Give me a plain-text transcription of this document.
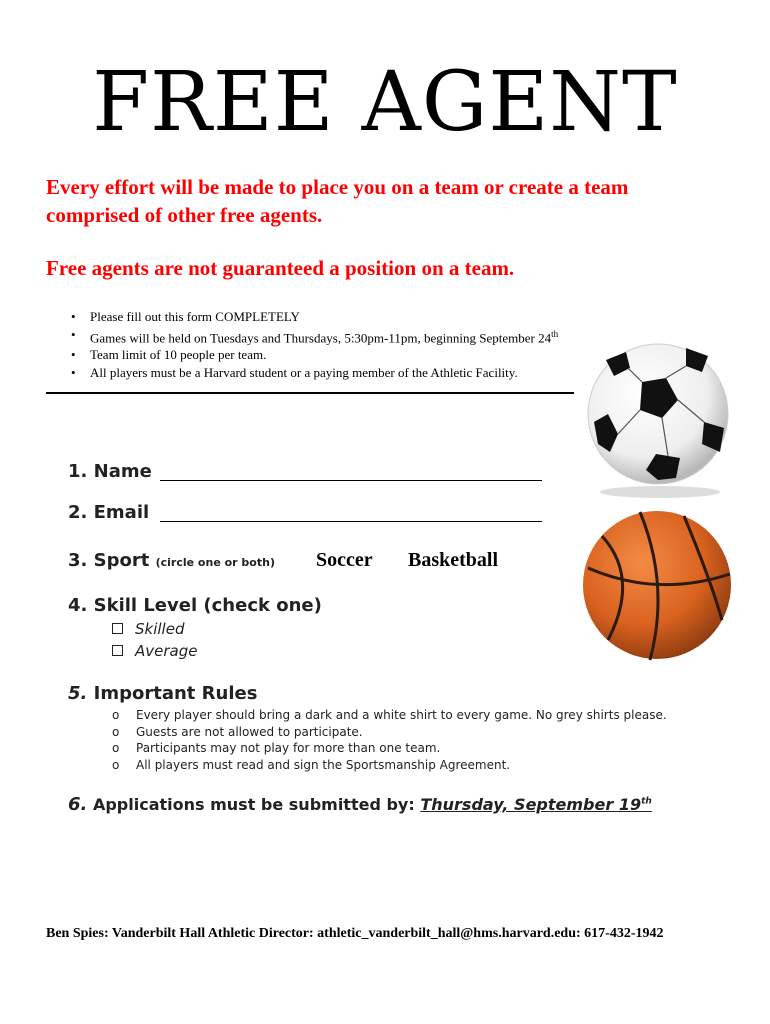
FREE AGENT
Every effort will be made to place you on a team or create a team
comprised of other free agents.
Free agents are not guaranteed a position on a team.
• Please fill out this form COMPLETELY
• Games will be held on Tuesdays and Thursdays, 5:30pm-11pm, beginning September 24th
• Team limit of 10 people per team.
• All players must be a Harvard student or a paying member of the Athletic Facility.
1. Name
2. Email
3. Sport (circle one or both) Soccer Basketball
4. Skill Level (check one)
Skilled
Average
5. Important Rules
o Every player should bring a dark and a white shirt to every game. No grey shirts please.
o Guests are not allowed to participate.
o Participants may not play for more than one team.
o All players must read and sign the Sportsmanship Agreement.
6. Applications must be submitted by: Thursday, September 19th
Ben Spies: Vanderbilt Hall Athletic Director: athletic_vanderbilt_hall@hms.harvard.edu: 617-432-1942
